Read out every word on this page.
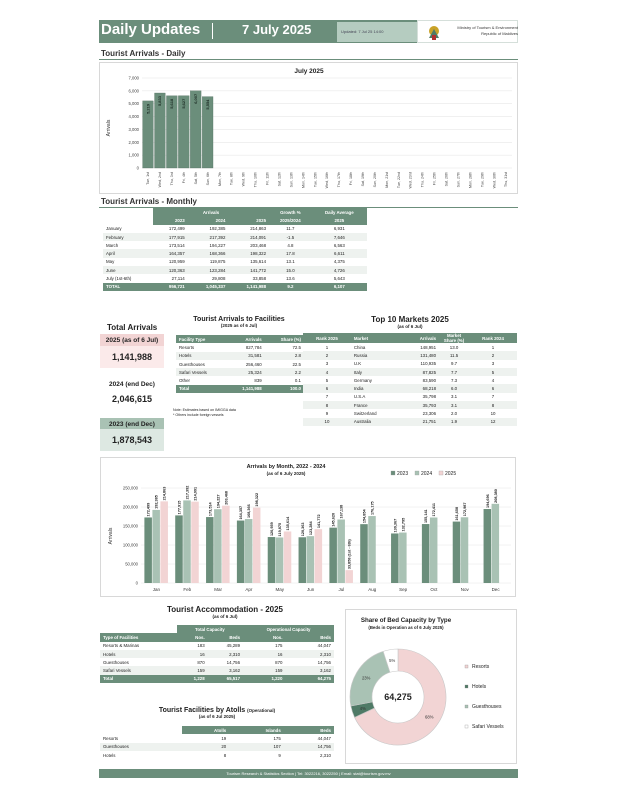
Daily Updates	7 July 2025	Updated: 7 Jul 25 14:00
Ministry of Tourism & Environment
Republic of Maldives
Tourist Arrivals - Daily
July 2025
Arrivals
0
1,000
2,000
3,000
4,000
5,000
6,000
7,000
Tue, 1st Wed, 2nd Thu, 3rd Fri, 4th Sat, 5th Sun, 6th Mon, 7th Tue, 8th Wed, 9th Thu, 10th Fri, 11th Sat, 12th Sun, 13th Mon, 14th Tue, 15th Wed, 16th Thu, 17th Fri, 18th Sat, 19th Sun, 20th Mon, 21st Tue, 22nd Wed, 23rd Thu, 24th Fri, 25th Sat, 26th Sun, 27th Mon, 28th Tue, 29th Wed, 30th Thu, 31st
5,219
5,833 5,618 5,627 6,007
5,554
Tourist Arrivals - Monthly
	Arrivals			Growth %	Daily Average
	2023	2024	2025	2025/2024	2025
January	172,499	192,385	214,863	11.7	6,931
February	177,915	217,392	214,091	-1.5	7,646
March	173,514	194,227	203,468	4.8	6,563
April	164,357	168,366	198,322	17.8	6,611
May	120,959	119,875	135,614	13.1	4,375
June	120,363	123,284	141,772	15.0	4,726
July (1st-6th)	27,114	29,808	33,858	13.6	5,643
TOTAL	956,721	1,045,337	1,141,988	9.2	6,107
Total Arrivals
2025 (as of 6 Jul)
1,141,988
2024 (end Dec)
2,046,615
2023 (end Dec)
1,878,543
Tourist Arrivals to Facilities
(2025 as of 6 Jul)
Facility Type	Arrivals	Share (%)
Resorts	827,784	72.5
Hotels	31,581	2.8
Guesthouses	256,460	22.5
Safari Vessels	25,324	2.2
Other	839	0.1
Total	1,141,988	100.0
Note: Estimates based on IMIGGA data
* Others include foreign vessels
Top 10 Markets 2025
(as of 6 Jul)
Rank 2025	Market	Arrivals	Market Share (%)	Rank 2024
1	China	148,951	13.0	1
2	Russia	131,480	11.5	2
3	U.K	110,935	9.7	3
4	Italy	87,825	7.7	5
5	Germany	83,590	7.3	4
6	India	68,218	6.0	6
7	U.S.A	35,798	3.1	7
8	France	35,793	3.1	8
9	Switzerland	23,306	2.0	10
10	Australia	21,751	1.9	12
Arrivals by Month, 2022 - 2024
(as of 6 July 2025)
Arrivals
0
50,000
100,000
150,000
200,000
250,000
2023	2024	2025
Jan
172,499
192,385
214,863
Feb
177,915
217,392 214,091
Mar
173,514
194,227 203,468
Apr
164,357 168,366
198,322
May
120,959 119,875 135,614
Jun
120,363 123,284
141,772
Jul
145,620
167,138
33,858 (1st - 6th)
Aug
154,854
176,175
Sep
130,367 132,795
Oct
155,141 172,411
Nov
161,658 172,987
Dec
194,696 208,380
Tourist Accommodation - 2025
(as of 6 Jul)
	Total Capacity		Operational Capacity	
Type of Facilities	Nos.	Beds	Nos.	Beds
Resorts & Marinas	183	45,289	175	44,047
Hotels	16	2,310	16	2,310
Guesthouses	870	14,756	870	14,756
Safari Vessels	159	3,162	159	3,162
Total	1,228	65,517	1,220	64,275
Tourist Facilities by Atolls (Operational)
(as of 6 Jul 2025)
	Atolls	Islands	Beds
Resorts	19	175	44,047
Guesthouses	20	107	14,756
Hotels	8	9	2,310
Share of Bed Capacity by Type
(Beds in Operation as of 6 July 2025)
68%
4%
23%
5%
64,275
Resorts
Hotels
Guesthouses
Safari Vessels
Tourism Research & Statistics Section | Tel: 3022216, 3022250 | Email: stat@tourism.gov.mv
